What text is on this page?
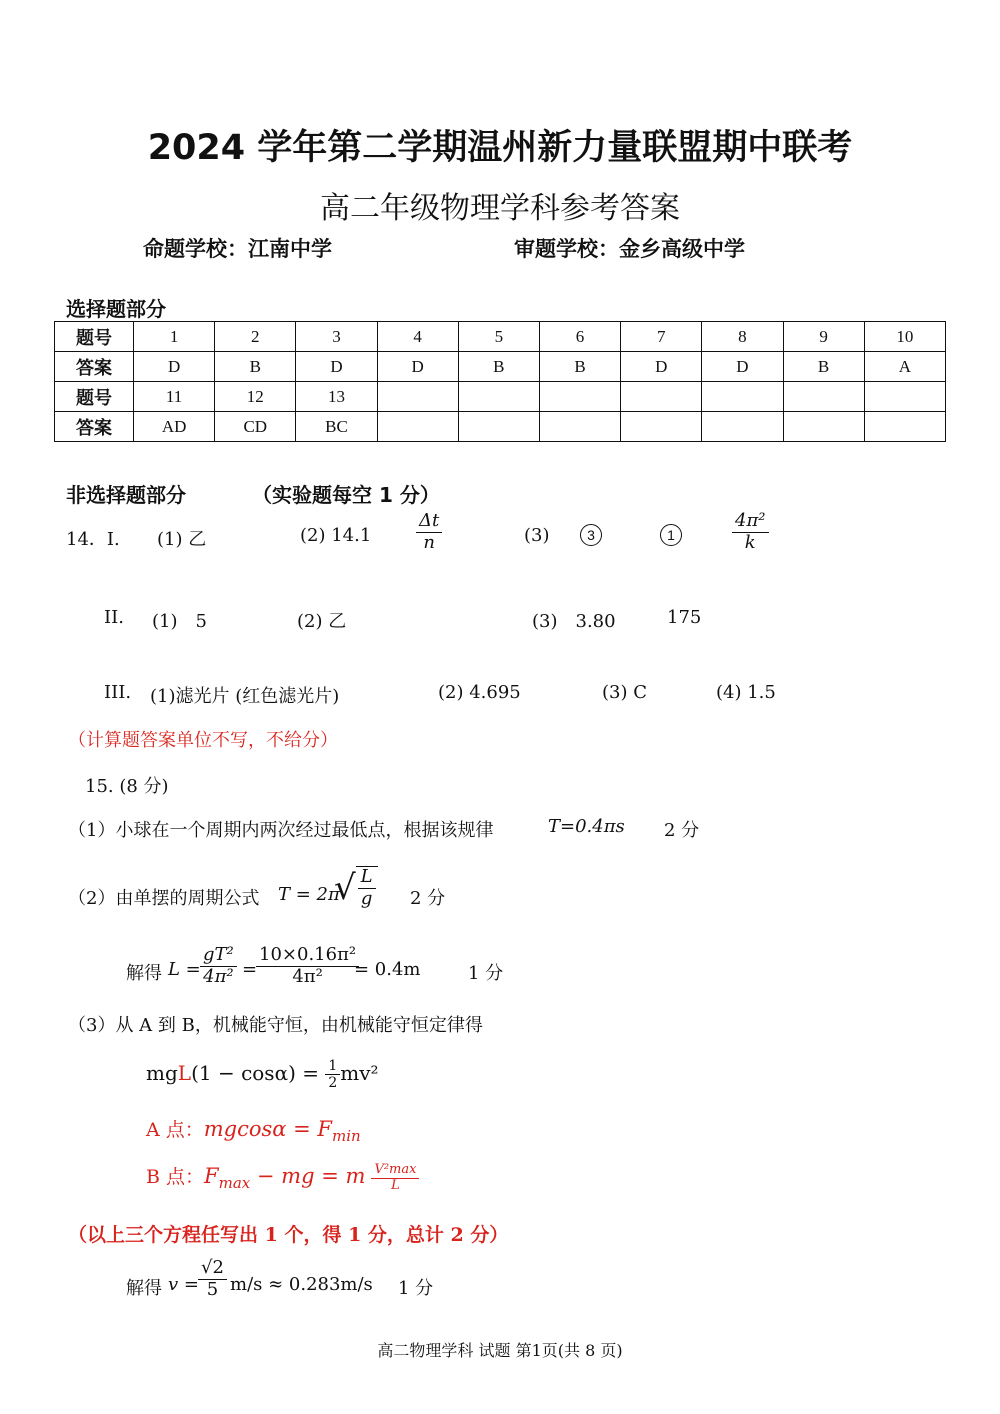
2024 学年第二学期温州新力量联盟期中联考
高二年级物理学科参考答案
命题学校：江南中学	审题学校：金乡高级中学
选择题部分
题号	1	2	3	4	5	6	7	8	9	10
答案	D	B	D	D	B	B	D	D	B	A
题号	11	12	13							
答案	AD	CD	BC							
非选择题部分	（实验题每空 1 分）
14．I. (1) 乙	(2) $14.1 \frac{\Delta t}{n}$	(3)	3	1	$\frac{\text{4π²}}{k}$
II. (1)　5	(2) 乙	(3)　3.80	175
III. (1)滤光片 (红色滤光片)	(2) 4.695	(3) C	(4) 1.5
（计算题答案单位不写，不给分）
15. (8 分)
（1）小球在一个周期内两次经过最低点，根据该规律	T=0.4πs 2 分
（2）由单摆的周期公式 T = 2π
√ $\frac{L}{g} 2$ 分
解得 $L = \frac{\text{gT²}}{\text{4π²}}$ =
$\frac{\text{10×0.16π²}}{\text{4π²}}$
= 0.4m	1 分
（3）从 A 到 B，机械能守恒，由机械能守恒定律得
$mgL(1 - \cos\alpha) = \frac{1}{2} mv^2$
A 点：$mgcos\alpha = F_{min}$
B 点：$F_{max}$ − mg = m $\frac{\text{V²max}}{L}$
（以上三个方程任写出 1 个，得 1 分，总计 2 分）
解得 $v = \frac{√2}{5} m/s \approx 0.283m/s$ 1 分
高二物理学科 试题 第1页(共 8 页)
